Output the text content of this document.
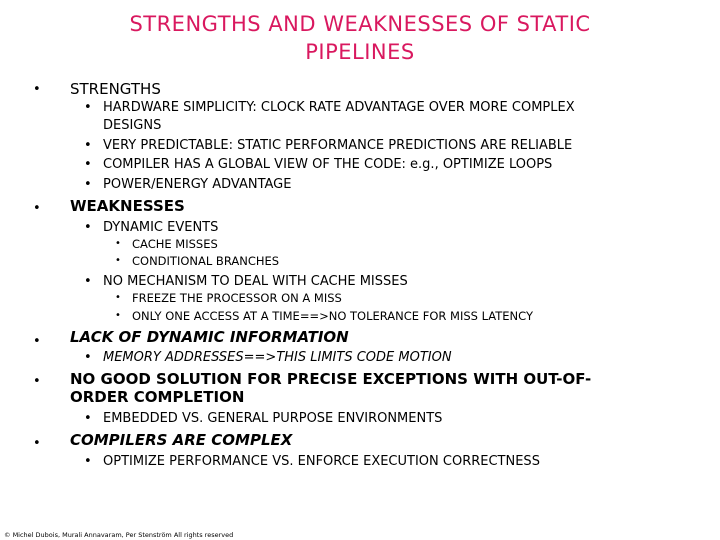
STRENGTHS AND WEAKNESSES OF STATIC
PIPELINES
• STRENGTHS
• HARDWARE SIMPLICITY: CLOCK RATE ADVANTAGE OVER MORE COMPLEX
DESIGNS
• VERY PREDICTABLE: STATIC PERFORMANCE PREDICTIONS ARE RELIABLE
• COMPILER HAS A GLOBAL VIEW OF THE CODE: e.g., OPTIMIZE LOOPS
• POWER/ENERGY ADVANTAGE
• WEAKNESSES
• DYNAMIC EVENTS
• CACHE MISSES
• CONDITIONAL BRANCHES
• NO MECHANISM TO DEAL WITH CACHE MISSES
• FREEZE THE PROCESSOR ON A MISS
• ONLY ONE ACCESS AT A TIME==>NO TOLERANCE FOR MISS LATENCY
• LACK OF DYNAMIC INFORMATION
• MEMORY ADDRESSES==>THIS LIMITS CODE MOTION
• NO GOOD SOLUTION FOR PRECISE EXCEPTIONS WITH OUT-OF-
ORDER COMPLETION
• EMBEDDED VS. GENERAL PURPOSE ENVIRONMENTS
• COMPILERS ARE COMPLEX
• OPTIMIZE PERFORMANCE VS. ENFORCE EXECUTION CORRECTNESS
© Michel Dubois, Murali Annavaram, Per Stenström All rights reserved
